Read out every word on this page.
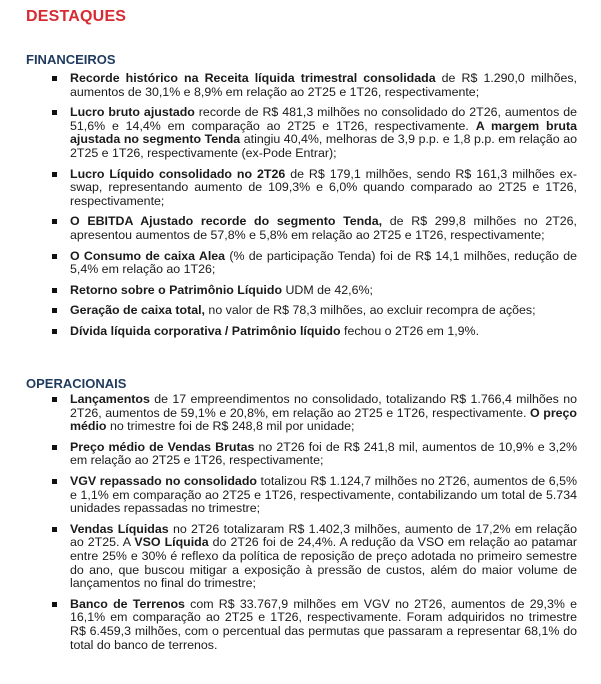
DESTAQUES
FINANCEIROS
Recorde histórico na Receita líquida trimestral consolidada de R$ 1.290,0 milhões, aumentos de 30,1% e 8,9% em relação ao 2T25 e 1T26, respectivamente;
Lucro bruto ajustado recorde de R$ 481,3 milhões no consolidado do 2T26, aumentos de 51,6% e 14,4% em comparação ao 2T25 e 1T26, respectivamente. A margem bruta ajustada no segmento Tenda atingiu 40,4%, melhoras de 3,9 p.p. e 1,8 p.p. em relação ao 2T25 e 1T26, respectivamente (ex-Pode Entrar);
Lucro Líquido consolidado no 2T26 de R$ 179,1 milhões, sendo R$ 161,3 milhões ex-swap, representando aumento de 109,3% e 6,0% quando comparado ao 2T25 e 1T26, respectivamente;
O EBITDA Ajustado recorde do segmento Tenda, de R$ 299,8 milhões no 2T26, apresentou aumentos de 57,8% e 5,8% em relação ao 2T25 e 1T26, respectivamente;
O Consumo de caixa Alea (% de participação Tenda) foi de R$ 14,1 milhões, redução de 5,4% em relação ao 1T26;
Retorno sobre o Patrimônio Líquido UDM de 42,6%;
Geração de caixa total, no valor de R$ 78,3 milhões, ao excluir recompra de ações;
Dívida líquida corporativa / Patrimônio líquido fechou o 2T26 em 1,9%.
OPERACIONAIS
Lançamentos de 17 empreendimentos no consolidado, totalizando R$ 1.766,4 milhões no 2T26, aumentos de 59,1% e 20,8%, em relação ao 2T25 e 1T26, respectivamente. O preço médio no trimestre foi de R$ 248,8 mil por unidade;
Preço médio de Vendas Brutas no 2T26 foi de R$ 241,8 mil, aumentos de 10,9% e 3,2% em relação ao 2T25 e 1T26, respectivamente;
VGV repassado no consolidado totalizou R$ 1.124,7 milhões no 2T26, aumentos de 6,5% e 1,1% em comparação ao 2T25 e 1T26, respectivamente, contabilizando um total de 5.734 unidades repassadas no trimestre;
Vendas Líquidas no 2T26 totalizaram R$ 1.402,3 milhões, aumento de 17,2% em relação ao 2T25. A VSO Líquida do 2T26 foi de 24,4%. A redução da VSO em relação ao patamar entre 25% e 30% é reflexo da política de reposição de preço adotada no primeiro semestre do ano, que buscou mitigar a exposição à pressão de custos, além do maior volume de lançamentos no final do trimestre;
Banco de Terrenos com R$ 33.767,9 milhões em VGV no 2T26, aumentos de 29,3% e 16,1% em comparação ao 2T25 e 1T26, respectivamente. Foram adquiridos no trimestre R$ 6.459,3 milhões, com o percentual das permutas que passaram a representar 68,1% do total do banco de terrenos.
